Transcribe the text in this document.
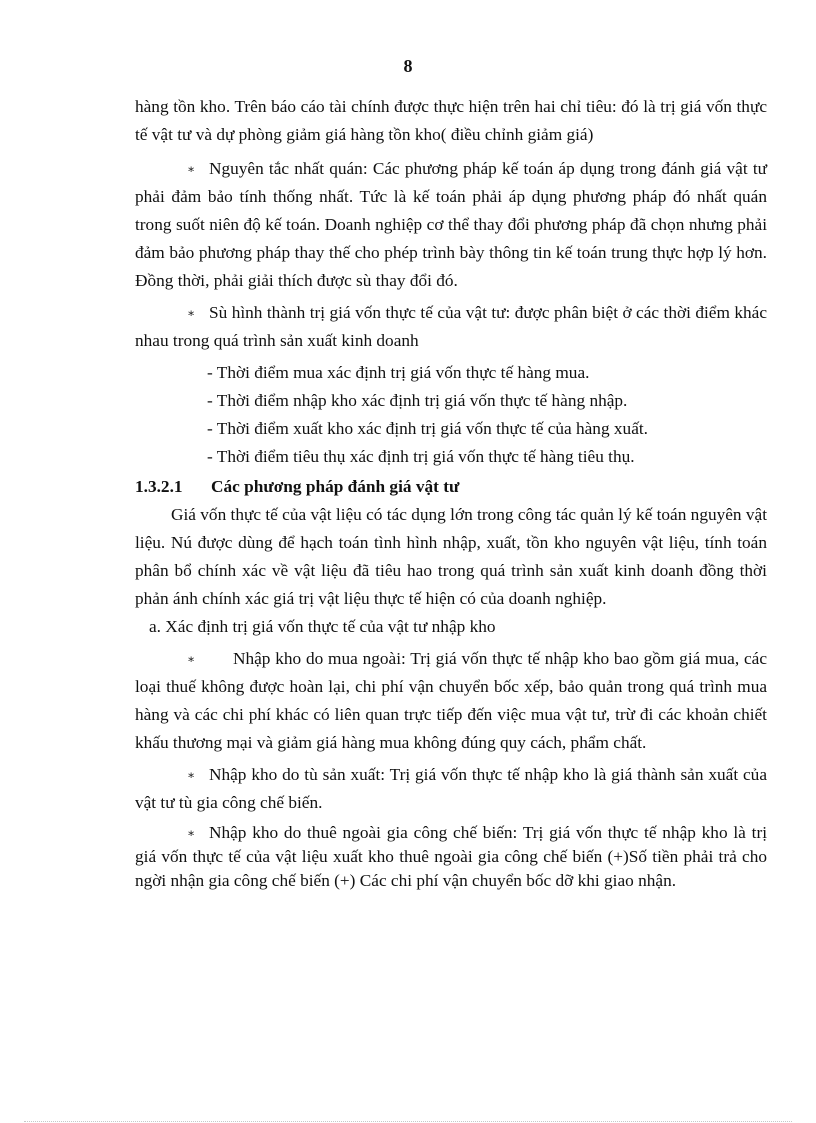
8

hàng tồn kho. Trên báo cáo tài chính được thực hiện trên hai chỉ tiêu: đó là trị giá vốn thực tế vật tư và dự phòng giảm giá hàng tồn kho( điều chỉnh giảm giá)

∗ Nguyên tắc nhất quán: Các phương pháp kế toán áp dụng trong đánh giá vật tư phải đảm bảo tính thống nhất. Tức là kế toán phải áp dụng phương pháp đó nhất quán trong suốt niên độ kế toán. Doanh nghiệp cơ thể thay đổi phương pháp đã chọn nhưng phải đảm bảo phương pháp thay thế cho phép trình bày thông tin kế toán trung thực hợp lý hơn. Đồng thời, phải giải thích được sù thay đổi đó.

∗ Sù hình thành trị giá vốn thực tế của vật tư: được phân biệt ở các thời điểm khác nhau trong quá trình sản xuất kinh doanh

- Thời điểm mua xác định trị giá vốn thực tế hàng mua.
- Thời điểm nhập kho xác định trị giá vốn thực tế hàng nhập.
- Thời điểm xuất kho xác định trị giá vốn thực tế của hàng xuất.
- Thời điểm tiêu thụ xác định trị giá vốn thực tế hàng tiêu thụ.
1.3.2.1	Các phương pháp đánh giá vật tư

Giá vốn thực tế của vật liệu có tác dụng lớn trong công tác quản lý kế toán nguyên vật liệu. Nú được dùng để hạch toán tình hình nhập, xuất, tồn kho nguyên vật liệu, tính toán phân bổ chính xác về vật liệu đã tiêu hao trong quá trình sản xuất kinh doanh đồng thời phản ánh chính xác giá trị vật liệu thực tế hiện có của doanh nghiệp.

a. Xác định trị giá vốn thực tế của vật tư nhập kho

∗ Nhập kho do mua ngoài: Trị giá vốn thực tế nhập kho bao gồm giá mua, các loại thuế không được hoàn lại, chi phí vận chuyển bốc xếp, bảo quản trong quá trình mua hàng và các chi phí khác có liên quan trực tiếp đến việc mua vật tư, trừ đi các khoản chiết khấu thương mại và giảm giá hàng mua không đúng quy cách, phẩm chất.

∗ Nhập kho do tù sản xuất: Trị giá vốn thực tế nhập kho là giá thành sản xuất của vật tư tù gia công chế biến.

∗ Nhập kho do thuê ngoài gia công chế biến: Trị giá vốn thực tế nhập kho là trị giá vốn thực tế của vật liệu xuất kho thuê ngoài gia công chế biến (+)Số tiền phải trả cho ngời nhận gia công chế biến (+) Các chi phí vận chuyển bốc dỡ khi giao nhận.
